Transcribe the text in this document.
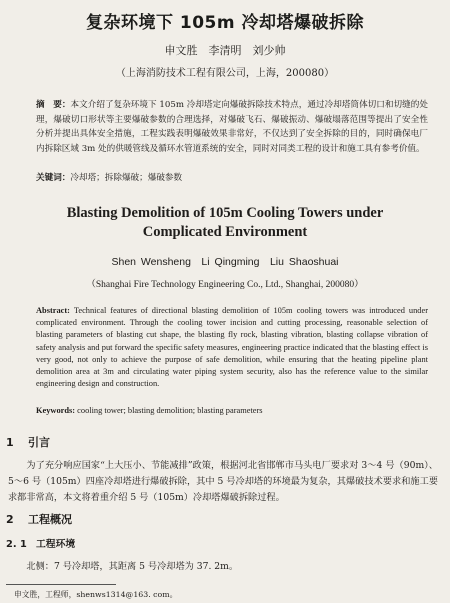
复杂环境下 105m 冷却塔爆破拆除
申文胜　李清明　刘少帅
（上海消防技术工程有限公司，上海，200080）
摘　要：本文介绍了复杂环境下 105m 冷却塔定向爆破拆除技术特点，通过冷却塔筒体切口和切缝的处理，爆破切口形状等主要爆破参数的合理选择，对爆破飞石、爆破振动、爆破塌落范围等提出了安全性分析并提出具体安全措施，工程实践表明爆破效果非常好，不仅达到了安全拆除的目的，同时确保电厂内拆除区域 3m 处的供暖管线及循环水管道系统的安全，同时对同类工程的设计和施工具有参考价值。
关键词：冷却塔；拆除爆破；爆破参数
Blasting Demolition of 105m Cooling Towers under
Complicated Environment
Shen Wensheng　Li Qingming　Liu Shaoshuai
（Shanghai Fire Technology Engineering Co., Ltd., Shanghai, 200080）
Abstract: Technical features of directional blasting demolition of 105m cooling towers was introduced under complicated environment. Through the cooling tower incision and cutting processing, reasonable selection of blasting parameters of blasting cut shape, the blasting fly rock, blasting vibration, blasting collapse vibration of safety analysis and put forward the specific safety measures, engineering practice indicated that the blasting effect is very good, not only to achieve the purpose of safe demolition, while ensuring that the heating pipeline plant demolition area at 3m and circulating water piping system security, also has the reference value to the similar engineering design and construction.
Keywords: cooling tower; blasting demolition; blasting parameters
1 引言
为了充分响应国家“上大压小、节能减排”政策，根据河北省邯郸市马头电厂要求对 3～4 号（90m）、5～6 号（105m）四座冷却塔进行爆破拆除，其中 5 号冷却塔的环境最为复杂，其爆破技术要求和施工要求都非常高，本文将着重介绍 5 号（105m）冷却塔爆破拆除过程。
2 工程概况
2. 1 工程环境
北侧：7 号冷却塔，其距离 5 号冷却塔为 37. 2m。
申文胜，工程师，shenws1314@163. com。
